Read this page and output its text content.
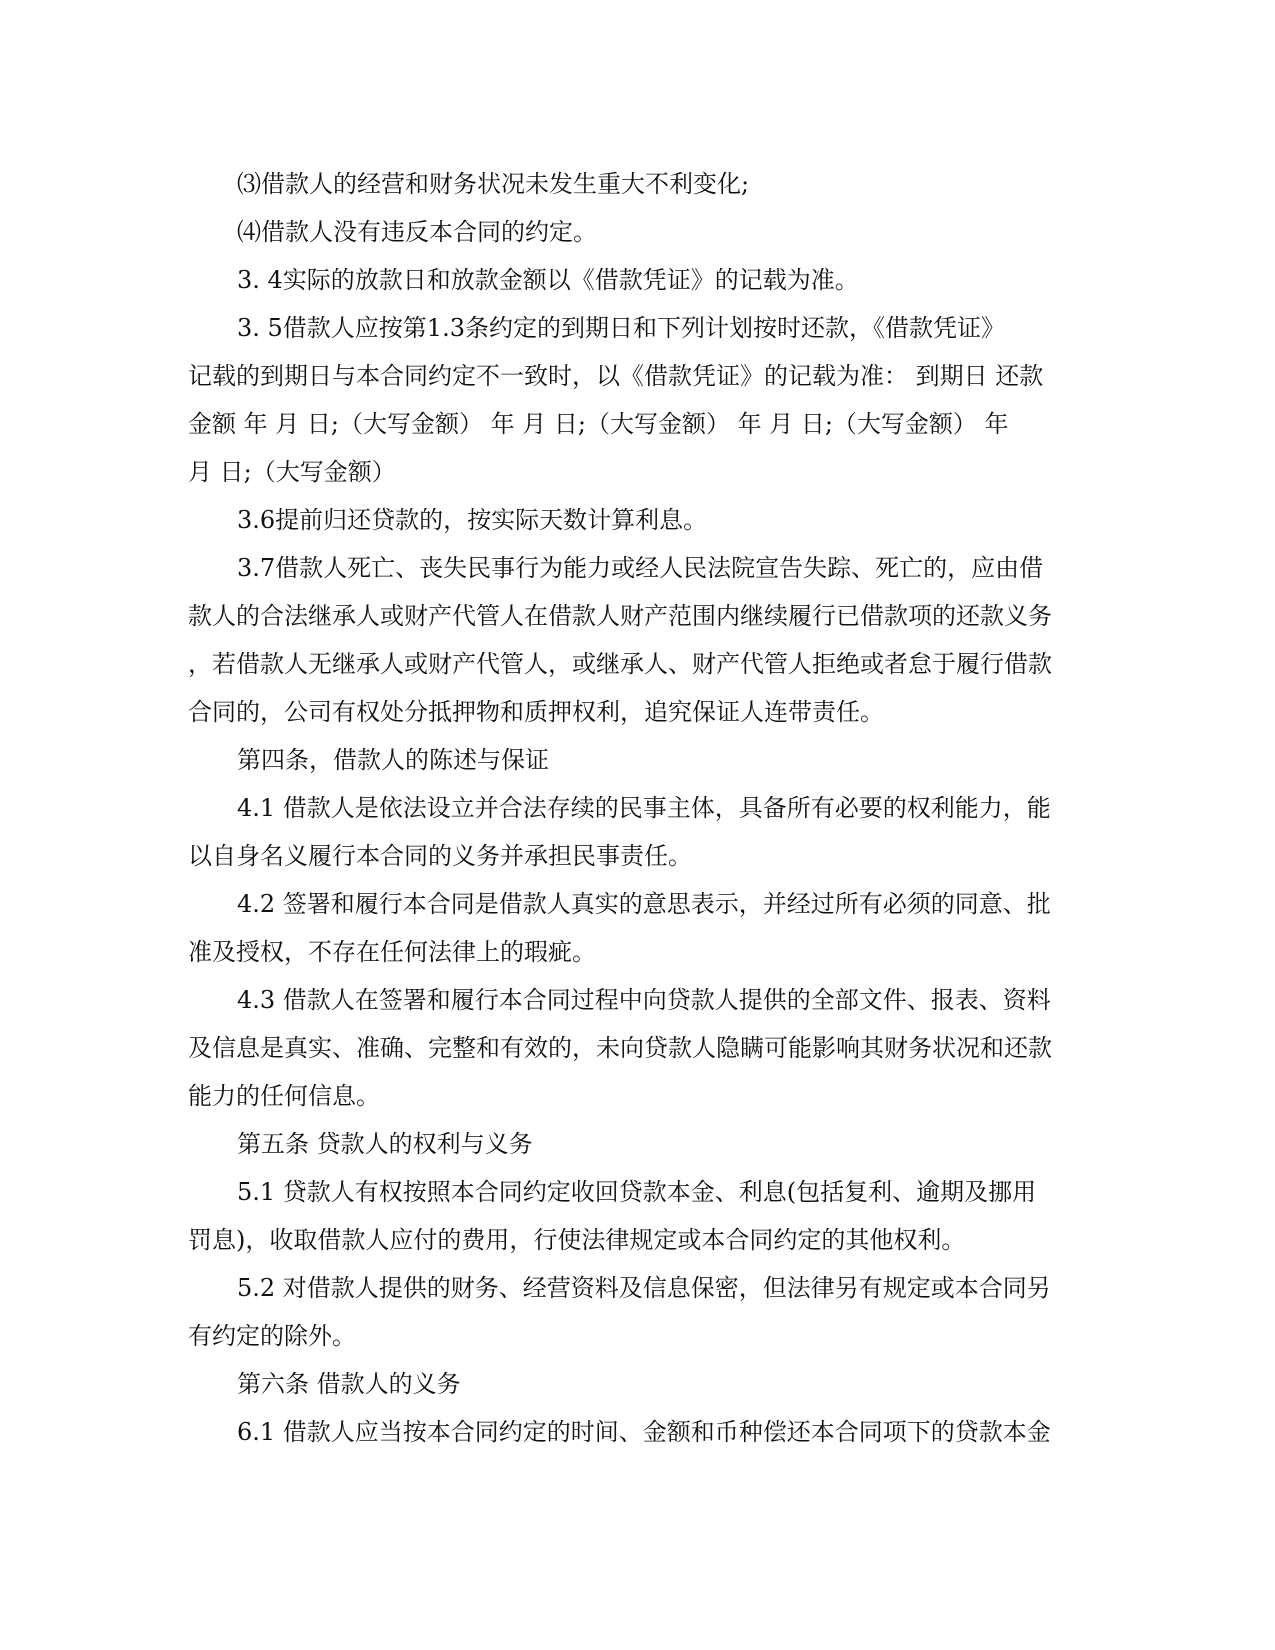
⑶借款人的经营和财务状况未发生重大不利变化;
⑷借款人没有违反本合同的约定。
3. 4实际的放款日和放款金额以《借款凭证》的记载为准。
3. 5借款人应按第1.3条约定的到期日和下列计划按时还款，《借款凭证》
记载的到期日与本合同约定不一致时，以《借款凭证》的记载为准： 到期日 还款
金额 年 月 日;（大写金额） 年 月 日;（大写金额） 年 月 日;（大写金额） 年
月 日;（大写金额）
3.6提前归还贷款的，按实际天数计算利息。
3.7借款人死亡、丧失民事行为能力或经人民法院宣告失踪、死亡的，应由借
款人的合法继承人或财产代管人在借款人财产范围内继续履行已借款项的还款义务
，若借款人无继承人或财产代管人，或继承人、财产代管人拒绝或者怠于履行借款
合同的，公司有权处分抵押物和质押权利，追究保证人连带责任。
第四条，借款人的陈述与保证
4.1 借款人是依法设立并合法存续的民事主体，具备所有必要的权利能力，能
以自身名义履行本合同的义务并承担民事责任。
4.2 签署和履行本合同是借款人真实的意思表示，并经过所有必须的同意、批
准及授权，不存在任何法律上的瑕疵。
4.3 借款人在签署和履行本合同过程中向贷款人提供的全部文件、报表、资料
及信息是真实、准确、完整和有效的，未向贷款人隐瞒可能影响其财务状况和还款
能力的任何信息。
第五条 贷款人的权利与义务
5.1 贷款人有权按照本合同约定收回贷款本金、利息(包括复利、逾期及挪用
罚息)，收取借款人应付的费用，行使法律规定或本合同约定的其他权利。
5.2 对借款人提供的财务、经营资料及信息保密，但法律另有规定或本合同另
有约定的除外。
第六条 借款人的义务
6.1 借款人应当按本合同约定的时间、金额和币种偿还本合同项下的贷款本金
